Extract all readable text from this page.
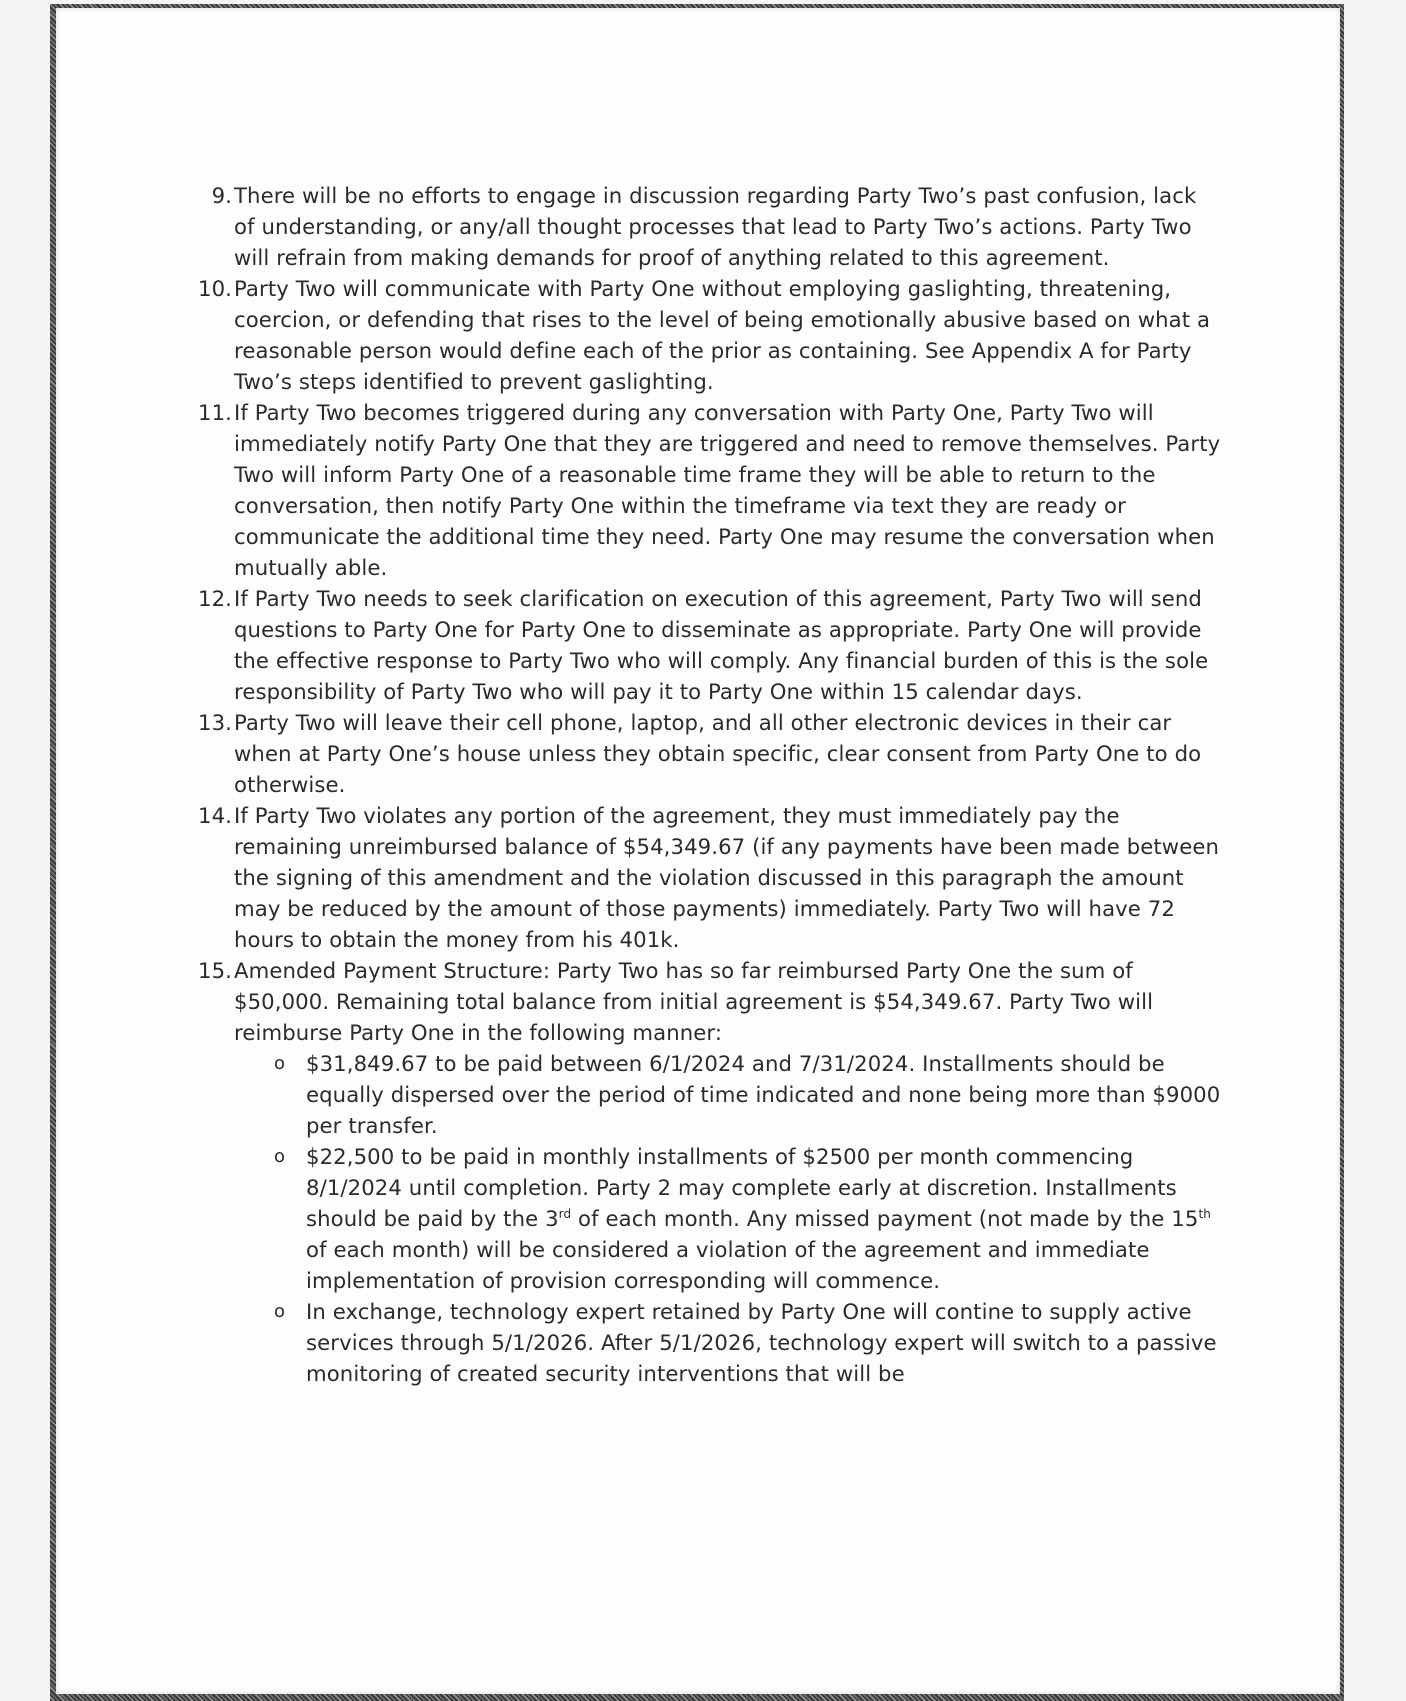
9. There will be no efforts to engage in discussion regarding Party Two’s past confusion, lack of understanding, or any/all thought processes that lead to Party Two’s actions. Party Two will refrain from making demands for proof of anything related to this agreement.
10. Party Two will communicate with Party One without employing gaslighting, threatening, coercion, or defending that rises to the level of being emotionally abusive based on what a reasonable person would define each of the prior as containing. See Appendix A for Party Two’s steps identified to prevent gaslighting.
11. If Party Two becomes triggered during any conversation with Party One, Party Two will immediately notify Party One that they are triggered and need to remove themselves. Party Two will inform Party One of a reasonable time frame they will be able to return to the conversation, then notify Party One within the timeframe via text they are ready or communicate the additional time they need. Party One may resume the conversation when mutually able.
12. If Party Two needs to seek clarification on execution of this agreement, Party Two will send questions to Party One for Party One to disseminate as appropriate. Party One will provide the effective response to Party Two who will comply. Any financial burden of this is the sole responsibility of Party Two who will pay it to Party One within 15 calendar days.
13. Party Two will leave their cell phone, laptop, and all other electronic devices in their car when at Party One’s house unless they obtain specific, clear consent from Party One to do otherwise.
14. If Party Two violates any portion of the agreement, they must immediately pay the remaining unreimbursed balance of $54,349.67 (if any payments have been made between the signing of this amendment and the violation discussed in this paragraph the amount may be reduced by the amount of those payments) immediately. Party Two will have 72 hours to obtain the money from his 401k.
15. Amended Payment Structure: Party Two has so far reimbursed Party One the sum of $50,000. Remaining total balance from initial agreement is $54,349.67. Party Two will reimburse Party One in the following manner:
o $31,849.67 to be paid between 6/1/2024 and 7/31/2024. Installments should be equally dispersed over the period of time indicated and none being more than $9000 per transfer.
o $22,500 to be paid in monthly installments of $2500 per month commencing 8/1/2024 until completion. Party 2 may complete early at discretion. Installments should be paid by the 3rd of each month. Any missed payment (not made by the 15th of each month) will be considered a violation of the agreement and immediate implementation of provision corresponding will commence.
o In exchange, technology expert retained by Party One will contine to supply active services through 5/1/2026. After 5/1/2026, technology expert will switch to a passive monitoring of created security interventions that will be
